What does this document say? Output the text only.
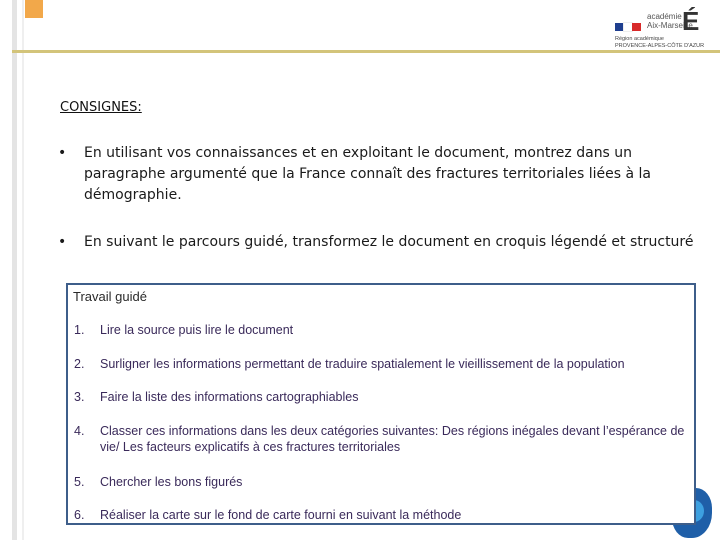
académie
Aix-Marseille
É
Région académique
PROVENCE-ALPES-CÔTE D'AZUR
CONSIGNES:
• En utilisant vos connaissances et en exploitant le document, montrez dans un paragraphe argumenté que la France connaît des fractures territoriales liées à la démographie.
• En suivant le parcours guidé, transformez le document en croquis légendé et structuré
Travail guidé
1.	Lire la source puis lire le document
2.	Surligner les informations permettant de traduire spatialement le vieillissement de la population
3.	Faire la liste des informations cartographiables
4.	Classer ces informations dans les deux catégories suivantes: Des régions inégales devant l’espérance de vie/ Les facteurs explicatifs à ces fractures territoriales
5.	Chercher les bons figurés
6.	Réaliser la carte sur le fond de carte fourni en suivant la méthode
